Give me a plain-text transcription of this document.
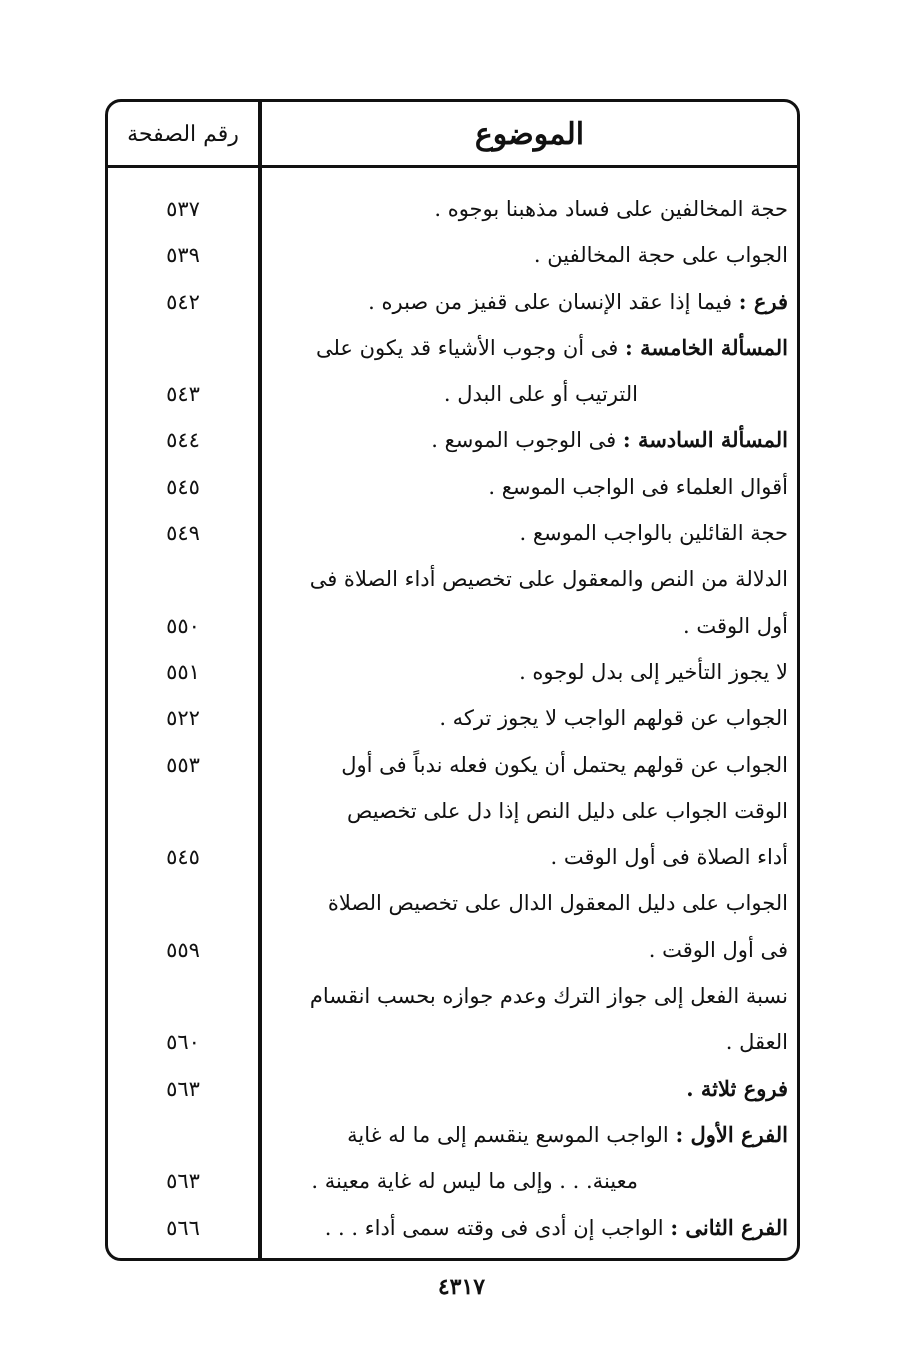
الموضوع
رقم الصفحة
حجة المخالفين على فساد مذهبنا بوجوه .
٥٣٧
الجواب على حجة المخالفين .
٥٣٩
فرع : فيما إذا عقد الإنسان على قفيز من صبره .
٥٤٢
المسألة الخامسة : فى أن وجوب الأشياء قد يكون على
الترتيب أو على البدل .
٥٤٣
المسألة السادسة : فى الوجوب الموسع .
٥٤٤
أقوال العلماء فى الواجب الموسع .
٥٤٥
حجة القائلين بالواجب الموسع .
٥٤٩
الدلالة من النص والمعقول على تخصيص أداء الصلاة فى
أول الوقت .
٥٥٠
لا يجوز التأخير إلى بدل لوجوه .
٥٥١
الجواب عن قولهم الواجب لا يجوز تركه .
٥٢٢
الجواب عن قولهم يحتمل أن يكون فعله ندباً فى أول
٥٥٣
الوقت الجواب على دليل النص إذا دل على تخصيص
أداء الصلاة فى أول الوقت .
٥٤٥
الجواب على دليل المعقول الدال على تخصيص الصلاة
فى أول الوقت .
٥٥٩
نسبة الفعل إلى جواز الترك وعدم جوازه بحسب انقسام
العقل .
٥٦٠
فروع ثلاثة .
٥٦٣
الفرع الأول : الواجب الموسع ينقسم إلى ما له غاية
معينة. . . وإلى ما ليس له غاية معينة .
٥٦٣
الفرع الثانى : الواجب إن أدى فى وقته سمى أداء . . .
٥٦٦
٤٣١٧
